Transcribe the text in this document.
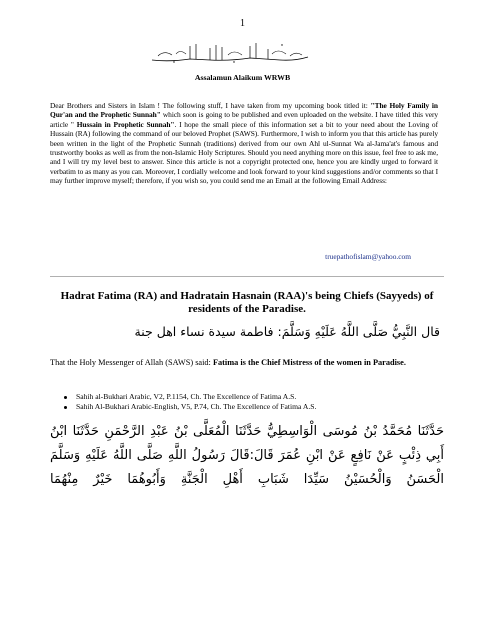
1
Assalamun Alaikum WRWB

Dear Brothers and Sisters in Islam ! The following stuff, I have taken from my upcoming book titled it: "The Holy Family in Qur'an and the Prophetic Sunnah" which soon is going to be published and even uploaded on the website. I have titled this very article " Hussain in Prophetic Sunnah". I hope the small piece of this information set a bit to your need about the Loving of Hussain (RA) following the command of our beloved Prophet (SAWS). Furthermore, I wish to inform you that this article has purely been written in the light of the Prophetic Sunnah (traditions) derived from our own Ahl ul-Sunnat Wa al-Jama'at's famous and trustworthy books as well as from the non-Islamic Holy Scriptures. Should you need anything more on this issue, feel free to ask me, and I will try my level best to answer. Since this article is not a copyright protected one, hence you are kindly urged to forward it verbatim to as many as you can. Moreover, I cordially welcome and look forward to your kind suggestions and/or comments so that I may further improve myself; therefore, if you wish so, you could send me an Email at the following Email Address:

truepathofislam@yahoo.com
Hadrat Fatima (RA) and Hadratain Hasnain (RAA)'s being Chiefs (Sayyeds) of residents of the Paradise.
قال النَّبِيُّ صَلَّى اللَّهُ عَلَيْهِ وَسَلَّمَ: فاطمة سيدة نساء اهل جنة

That the Holy Messenger of Allah (SAWS) said: Fatima is the Chief Mistress of the women in Paradise.

Sahih al-Bukhari Arabic, V2, P.1154, Ch. The Excellence of Fatima A.S.
Sahih Al-Bukhari Arabic-English, V5, P.74, Ch. The Excellence of Fatima A.S.
حَدَّثَنَا مُحَمَّدُ بْنُ مُوسَى الْوَاسِطِيُّ حَدَّثَنَا الْمُعَلَّى بْنُ عَبْدِ الرَّحْمَنِ حَدَّثَنَا ابْنُ أَبِي ذِئْبٍ عَنْ نَافِعٍ عَنْ ابْنِ عُمَرَ قَالَ:قَالَ رَسُولُ اللَّهِ صَلَّى اللَّهُ عَلَيْهِ وَسَلَّمَ الْحَسَنُ وَالْحُسَيْنُ سَيِّدَا شَبَابِ أَهْلِ الْجَنَّةِ وَأَبُوهُمَا خَيْرٌ مِنْهُمَا
